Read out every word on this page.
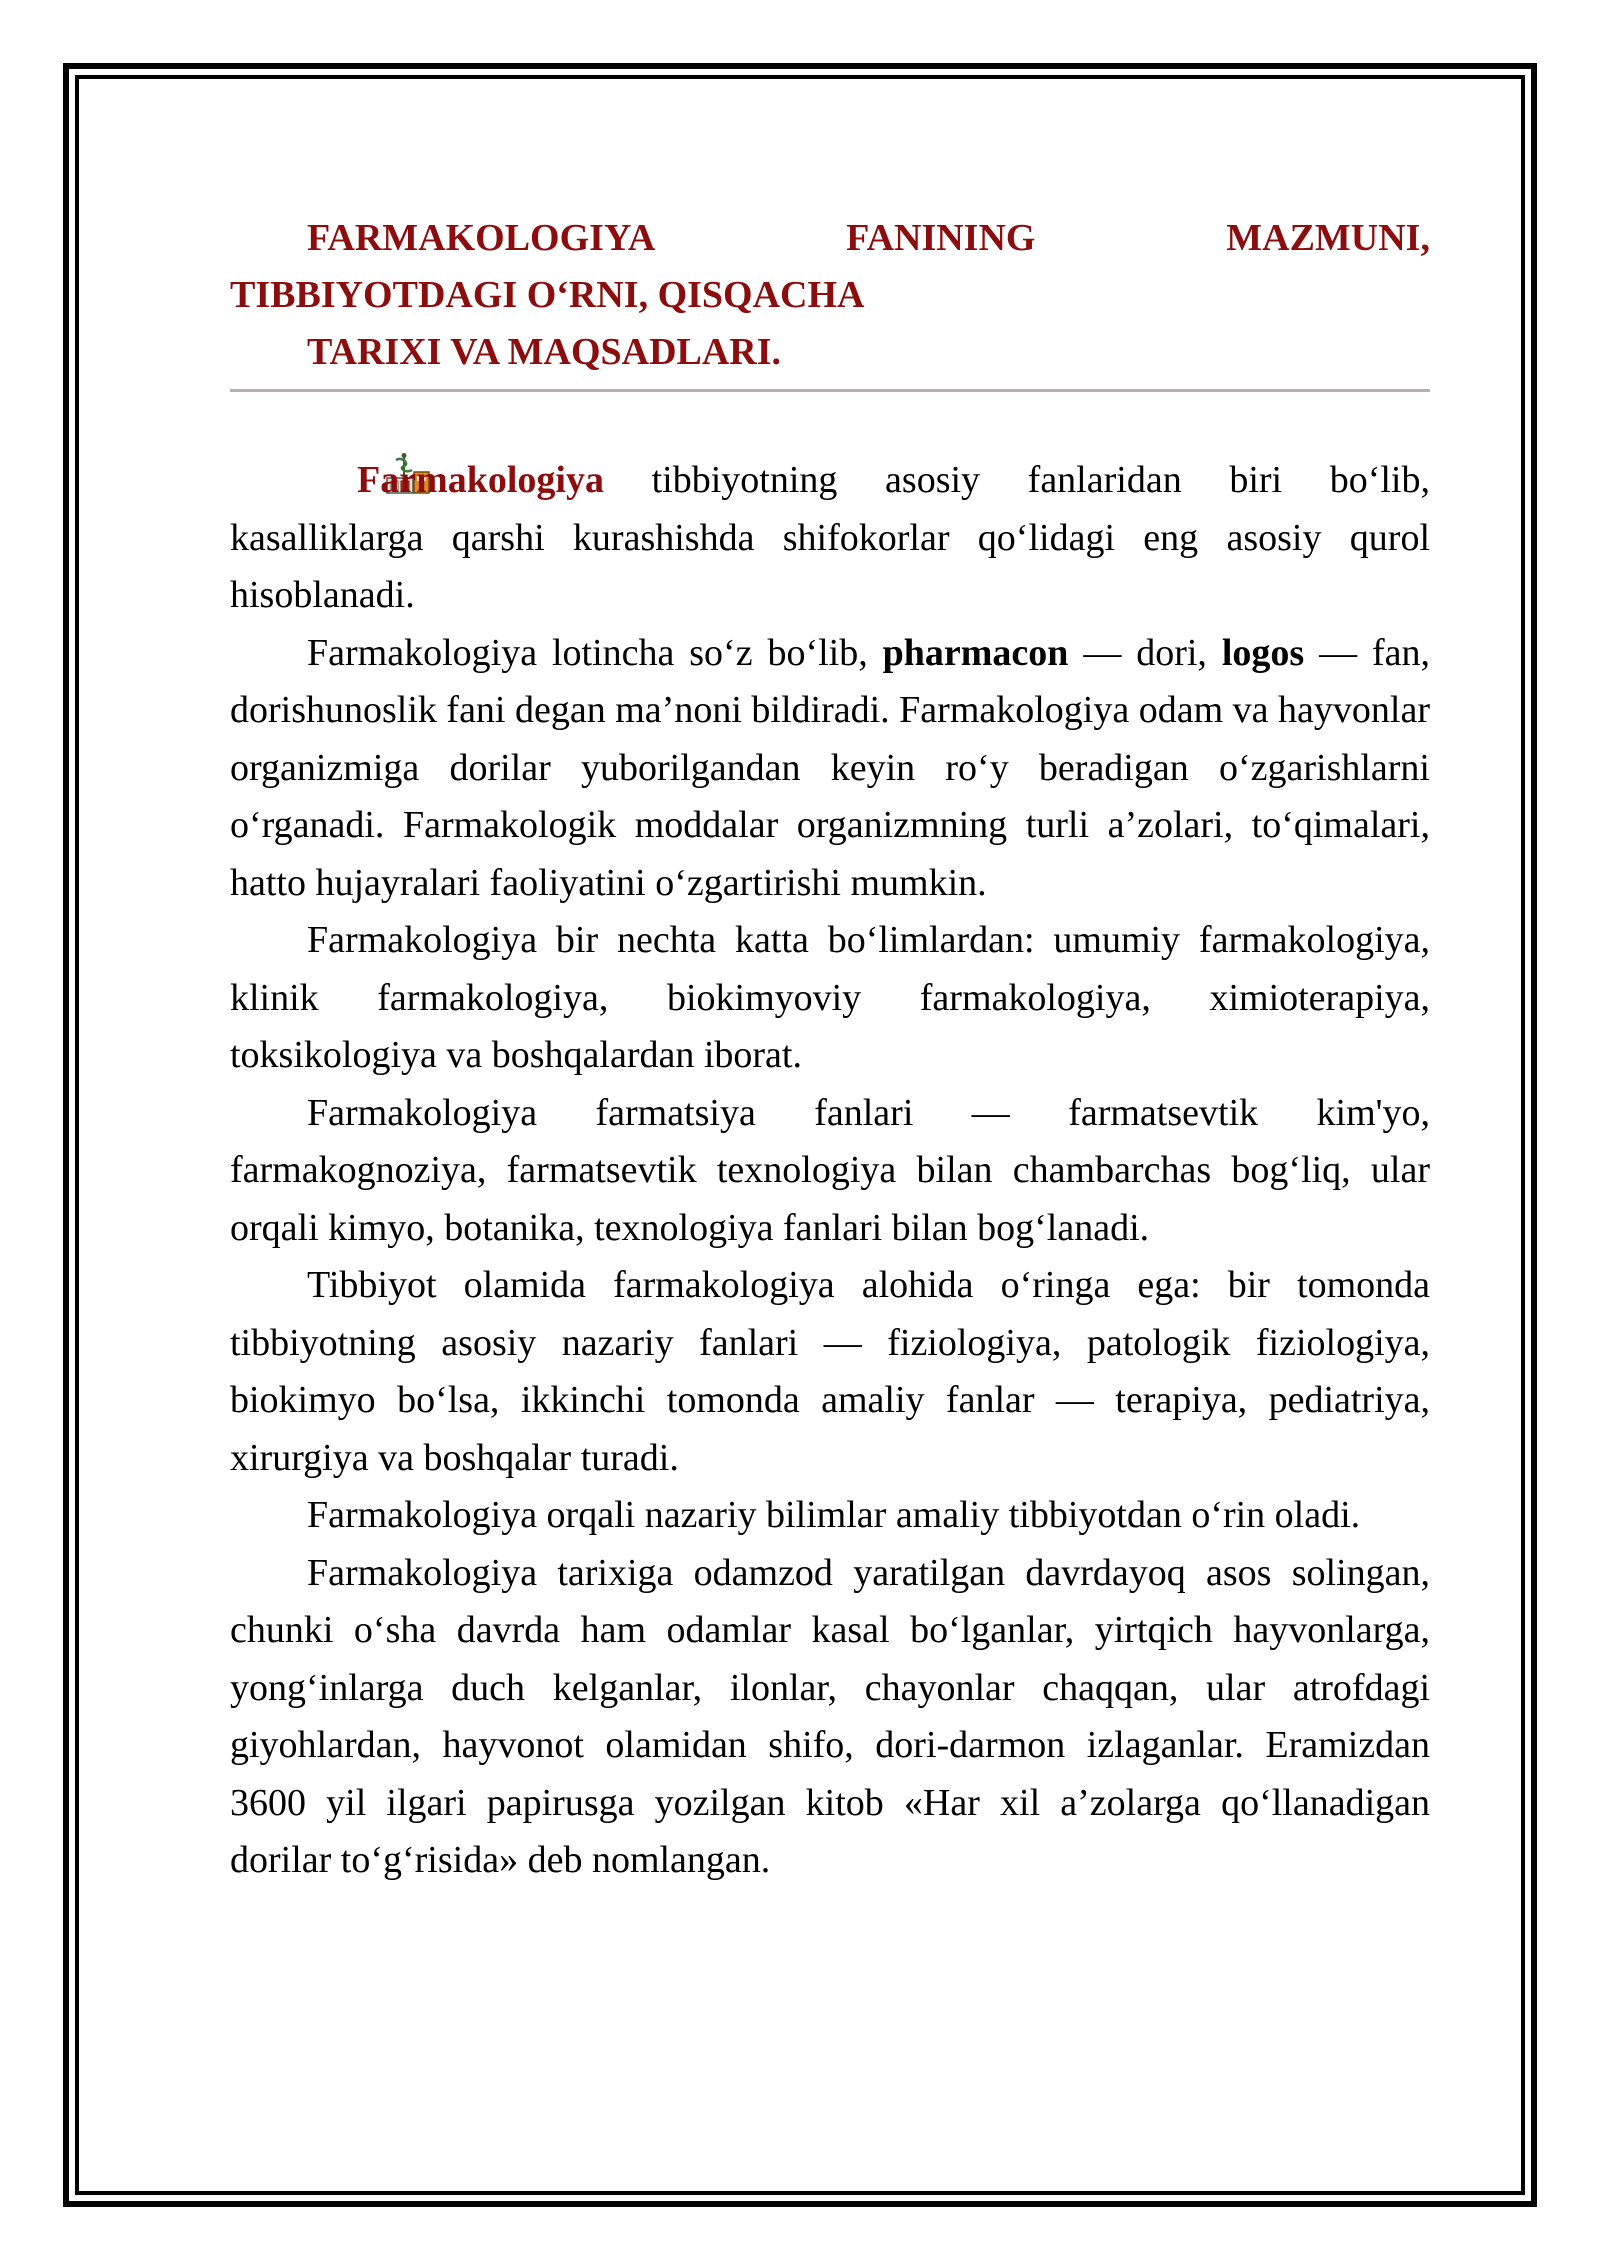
FARMAKOLOGIYA	FANINING	MAZMUNI,
TIBBIYOTDAGI O‘RNI, QISQACHA
TARIXI VA MAQSADLARI.

Farmakologiya tibbiyotning asosiy fanlaridan biri bo‘lib, kasalliklarga qarshi kurashishda shifokorlar qo‘lidagi eng asosiy qurol hisoblanadi.

Farmakologiya lotincha so‘z bo‘lib, pharmacon — dori, logos — fan, dorishunoslik fani degan ma’noni bildiradi. Farmakologiya odam va hayvonlar organizmiga dorilar yuborilgandan keyin ro‘y beradigan o‘zgarishlarni o‘rganadi. Farmakologik moddalar organizmning turli a’zolari, to‘qimalari, hatto hujayralari faoliyatini o‘zgartirishi mumkin.

Farmakologiya bir nechta katta bo‘limlardan: umumiy farmakologiya, klinik farmakologiya, biokimyoviy farmakologiya, ximioterapiya, toksikologiya va boshqalardan iborat.

Farmakologiya farmatsiya fanlari — farmatsevtik kim'yo, farmakognoziya, farmatsevtik texnologiya bilan chambarchas bog‘liq, ular orqali kimyo, botanika, texnologiya fanlari bilan bog‘lanadi.

Tibbiyot olamida farmakologiya alohida o‘ringa ega: bir tomonda tibbiyotning asosiy nazariy fanlari — fiziologiya, patologik fiziologiya, biokimyo bo‘lsa, ikkinchi tomonda amaliy fanlar — terapiya, pediatriya, xirurgiya va boshqalar turadi.

Farmakologiya orqali nazariy bilimlar amaliy tibbiyotdan o‘rin oladi.

Farmakologiya tarixiga odamzod yaratilgan davrdayoq asos solingan, chunki o‘sha davrda ham odamlar kasal bo‘lganlar, yirtqich hayvonlarga, yong‘inlarga duch kelganlar, ilonlar, chayonlar chaqqan, ular atrofdagi giyohlardan, hayvonot olamidan shifo, dori-darmon izlaganlar. Eramizdan 3600 yil ilgari papirusga yozilgan kitob «Har xil a’zolarga qo‘llanadigan dorilar to‘g‘risida» deb nomlangan.
